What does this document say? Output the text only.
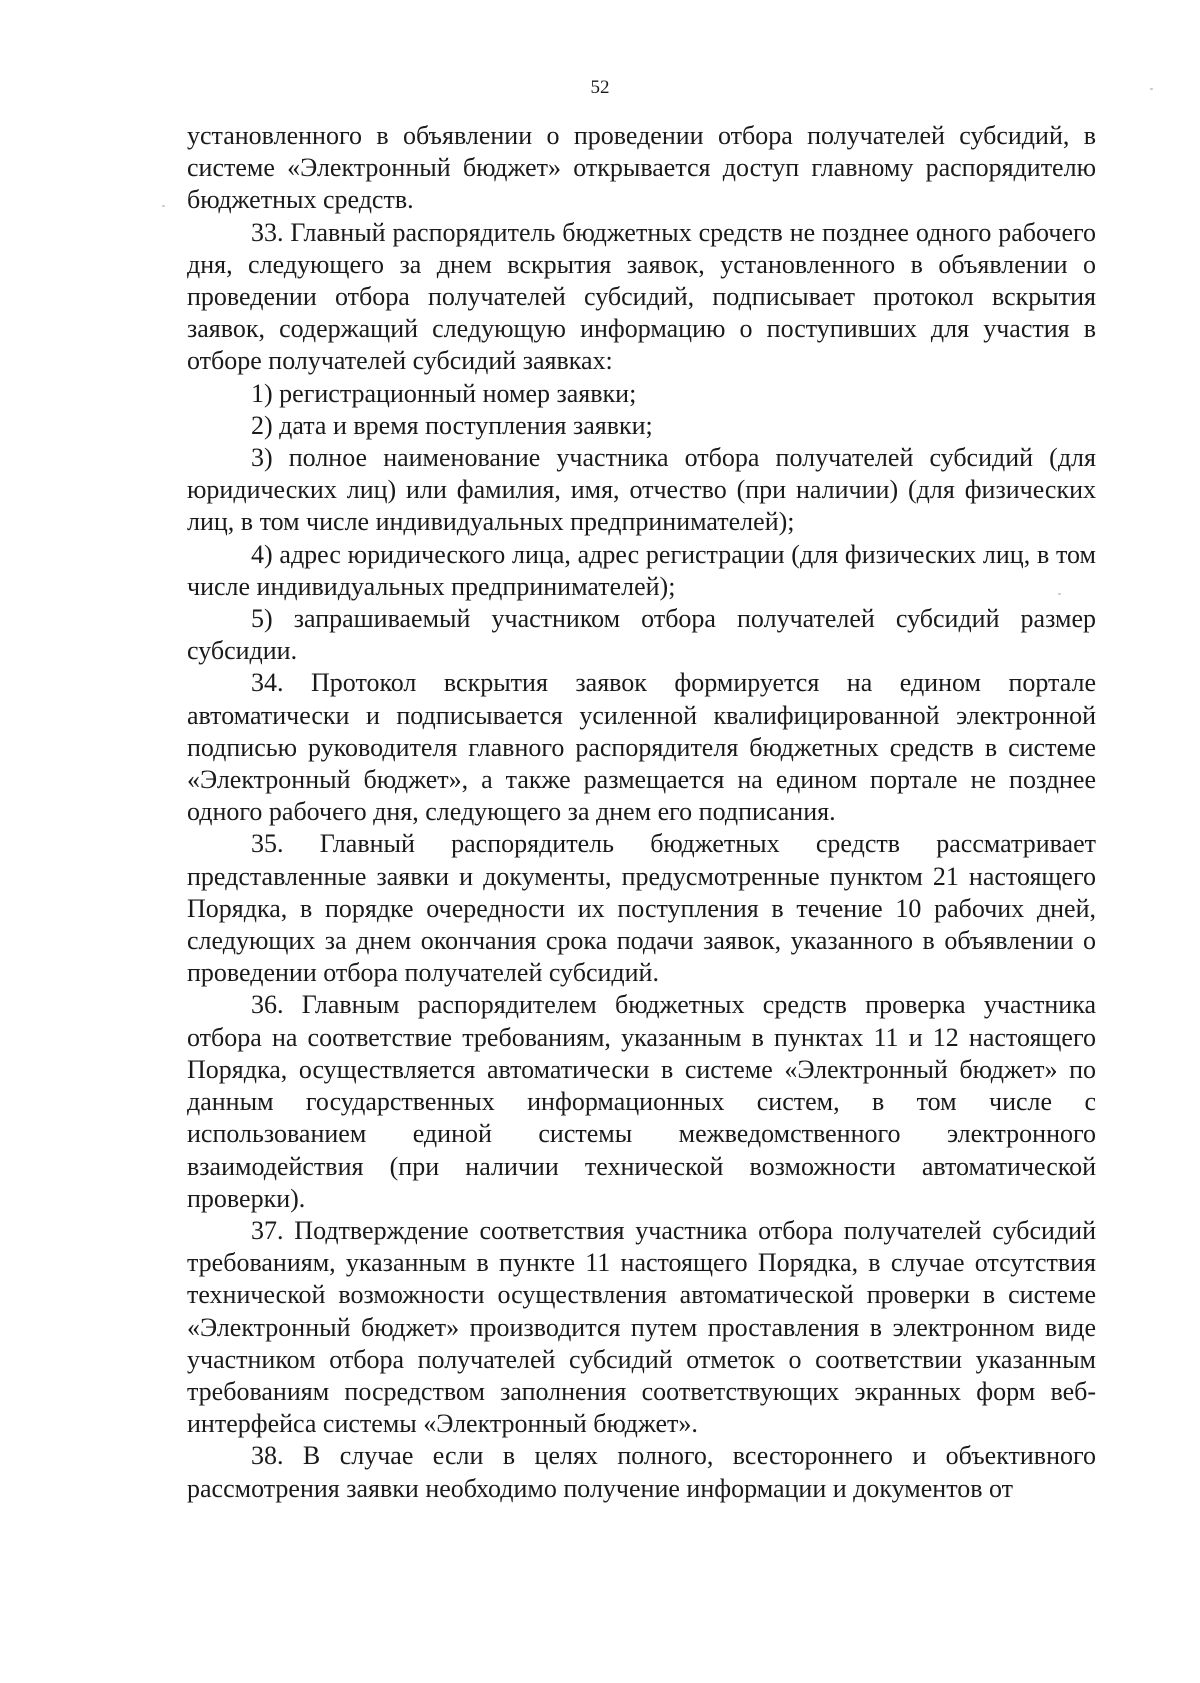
52

установленного в объявлении о проведении отбора получателей субсидий, в системе «Электронный бюджет» открывается доступ главному распорядителю бюджетных средств.

33. Главный распорядитель бюджетных средств не позднее одного рабочего дня, следующего за днем вскрытия заявок, установленного в объявлении о проведении отбора получателей субсидий, подписывает протокол вскрытия заявок, содержащий следующую информацию о поступивших для участия в отборе получателей субсидий заявках:

1) регистрационный номер заявки;

2) дата и время поступления заявки;

3) полное наименование участника отбора получателей субсидий (для юридических лиц) или фамилия, имя, отчество (при наличии) (для физических лиц, в том числе индивидуальных предпринимателей);

4) адрес юридического лица, адрес регистрации (для физических лиц, в том числе индивидуальных предпринимателей);

5) запрашиваемый участником отбора получателей субсидий размер субсидии.

34. Протокол вскрытия заявок формируется на едином портале автоматически и подписывается усиленной квалифицированной электронной подписью руководителя главного распорядителя бюджетных средств в системе «Электронный бюджет», а также размещается на едином портале не позднее одного рабочего дня, следующего за днем его подписания.

35. Главный распорядитель бюджетных средств рассматривает представленные заявки и документы, предусмотренные пунктом 21 настоящего Порядка, в порядке очередности их поступления в течение 10 рабочих дней, следующих за днем окончания срока подачи заявок, указанного в объявлении о проведении отбора получателей субсидий.

36. Главным распорядителем бюджетных средств проверка участника отбора на соответствие требованиям, указанным в пунктах 11 и 12 настоящего Порядка, осуществляется автоматически в системе «Электронный бюджет» по данным государственных информационных систем, в том числе с использованием единой системы межведомственного электронного взаимодействия (при наличии технической возможности автоматической проверки).

37. Подтверждение соответствия участника отбора получателей субсидий требованиям, указанным в пункте 11 настоящего Порядка, в случае отсутствия технической возможности осуществления автоматической проверки в системе «Электронный бюджет» производится путем проставления в электронном виде участником отбора получателей субсидий отметок о соответствии указанным требованиям посредством заполнения соответствующих экранных форм веб-интерфейса системы «Электронный бюджет».

38. В случае если в целях полного, всестороннего и объективного рассмотрения заявки необходимо получение информации и документов от
